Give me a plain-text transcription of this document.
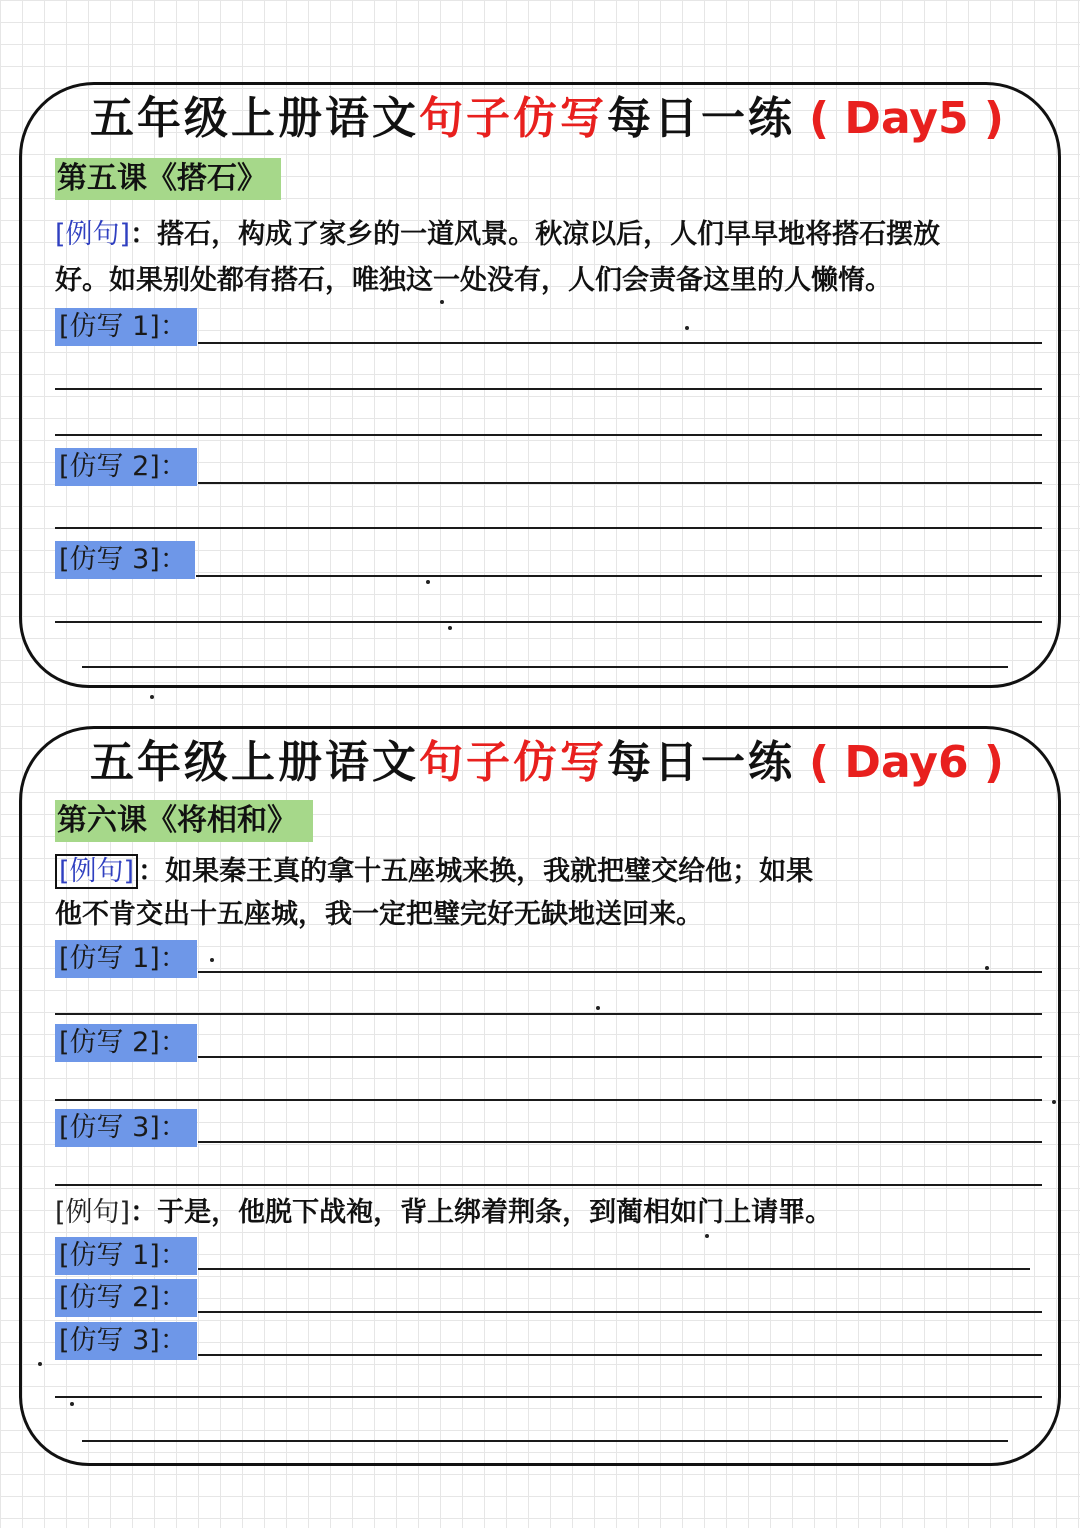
五年级上册语文句子仿写每日一练 ( Day5 )
第五课《搭石》
[例句]：搭石，构成了家乡的一道风景。秋凉以后，人们早早地将搭石摆放
好。如果别处都有搭石，唯独这一处没有，人们会责备这里的人懒惰。
[仿写 1]：
[仿写 2]：
[仿写 3]：
五年级上册语文句子仿写每日一练 ( Day6 )
第六课《将相和》
[例句] ：如果秦王真的拿十五座城来换，我就把璧交给他；如果
他不肯交出十五座城，我一定把璧完好无缺地送回来。
[仿写 1]：
[仿写 2]：
[仿写 3]：
[例句]：于是，他脱下战袍，背上绑着荆条，到蔺相如门上请罪。
[仿写 1]：
[仿写 2]：
[仿写 3]：
